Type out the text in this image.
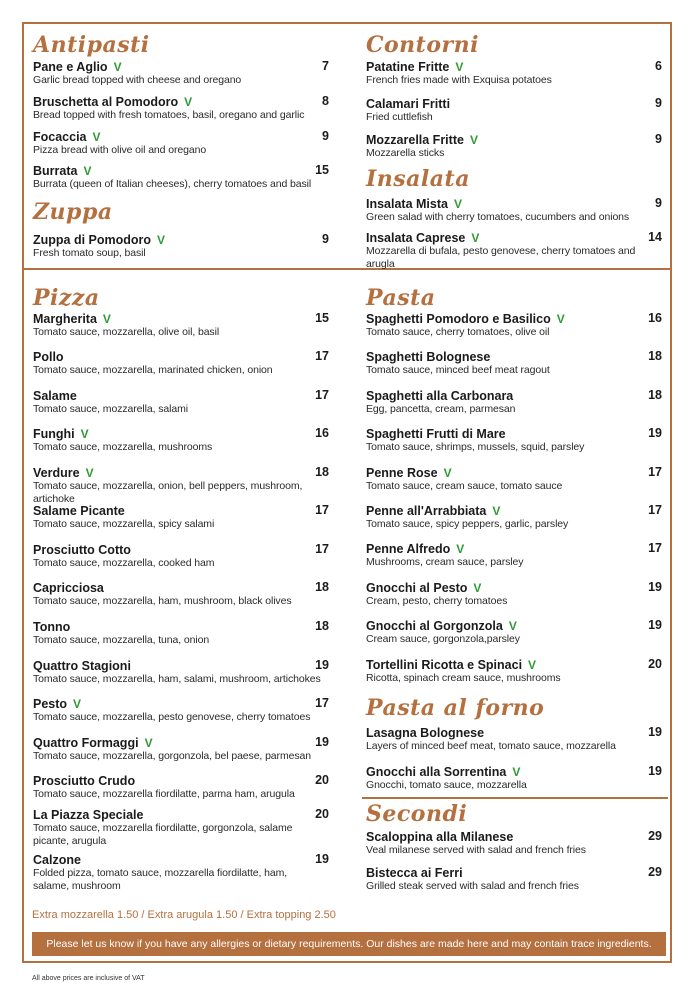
Antipasti
Pane e Aglio V	7
Garlic bread topped with cheese and oregano
Bruschetta al Pomodoro V	8
Bread topped with fresh tomatoes, basil, oregano and garlic
Focaccia V	9
Pizza bread with olive oil and oregano
Burrata V	15
Burrata (queen of Italian cheeses), cherry tomatoes and basil
Zuppa
Zuppa di Pomodoro V	9
Fresh tomato soup, basil
Contorni
Patatine Fritte V	6
French fries made with Exquisa potatoes
Calamari Fritti	9
Fried cuttlefish
Mozzarella Fritte V	9
Mozzarella sticks
Insalata
Insalata Mista V	9
Green salad with cherry tomatoes, cucumbers and onions
Insalata Caprese V	14
Mozzarella di bufala, pesto genovese, cherry tomatoes and arugla
Pizza
Margherita V	15
Tomato sauce, mozzarella, olive oil, basil
Pollo	17
Tomato sauce, mozzarella, marinated chicken, onion
Salame	17
Tomato sauce, mozzarella, salami
Funghi V	16
Tomato sauce, mozzarella, mushrooms
Verdure V	18
Tomato sauce, mozzarella, onion, bell peppers, mushroom, artichoke
Salame Picante	17
Tomato sauce, mozzarella, spicy salami
Prosciutto Cotto	17
Tomato sauce, mozzarella, cooked ham
Capricciosa	18
Tomato sauce, mozzarella, ham, mushroom, black olives
Tonno	18
Tomato sauce, mozzarella, tuna, onion
Quattro Stagioni	19
Tomato sauce, mozzarella, ham, salami, mushroom, artichokes
Pesto V	17
Tomato sauce, mozzarella, pesto genovese, cherry tomatoes
Quattro Formaggi V	19
Tomato sauce, mozzarella, gorgonzola, bel paese, parmesan
Prosciutto Crudo	20
Tomato sauce, mozzarella fiordilatte, parma ham, arugula
La Piazza Speciale	20
Tomato sauce, mozzarella fiordilatte, gorgonzola, salame picante, arugula
Calzone	19
Folded pizza, tomato sauce, mozzarella fiordilatte, ham, salame, mushroom
Pasta
Spaghetti Pomodoro e Basilico V	16
Tomato sauce, cherry tomatoes, olive oil
Spaghetti Bolognese	18
Tomato sauce, minced beef meat ragout
Spaghetti alla Carbonara	18
Egg, pancetta, cream, parmesan
Spaghetti Frutti di Mare	19
Tomato sauce, shrimps, mussels, squid, parsley
Penne Rose V	17
Tomato sauce, cream sauce, tomato sauce
Penne all'Arrabbiata V	17
Tomato sauce, spicy peppers, garlic, parsley
Penne Alfredo V	17
Mushrooms, cream sauce, parsley
Gnocchi al Pesto V	19
Cream, pesto, cherry tomatoes
Gnocchi al Gorgonzola V	19
Cream sauce, gorgonzola,parsley
Tortellini Ricotta e Spinaci V	20
Ricotta, spinach cream sauce, mushrooms
Pasta al forno
Lasagna Bolognese	19
Layers of minced beef meat, tomato sauce, mozzarella
Gnocchi alla Sorrentina V	19
Gnocchi, tomato sauce, mozzarella
Secondi
Scaloppina alla Milanese	29
Veal milanese served with salad and french fries
Bistecca ai Ferri	29
Grilled steak served with salad and french fries
Extra mozzarella 1.50 / Extra arugula 1.50 / Extra topping 2.50
Please let us know if you have any allergies or dietary requirements. Our dishes are made here and may contain trace ingredients.
All above prices are inclusive of VAT
